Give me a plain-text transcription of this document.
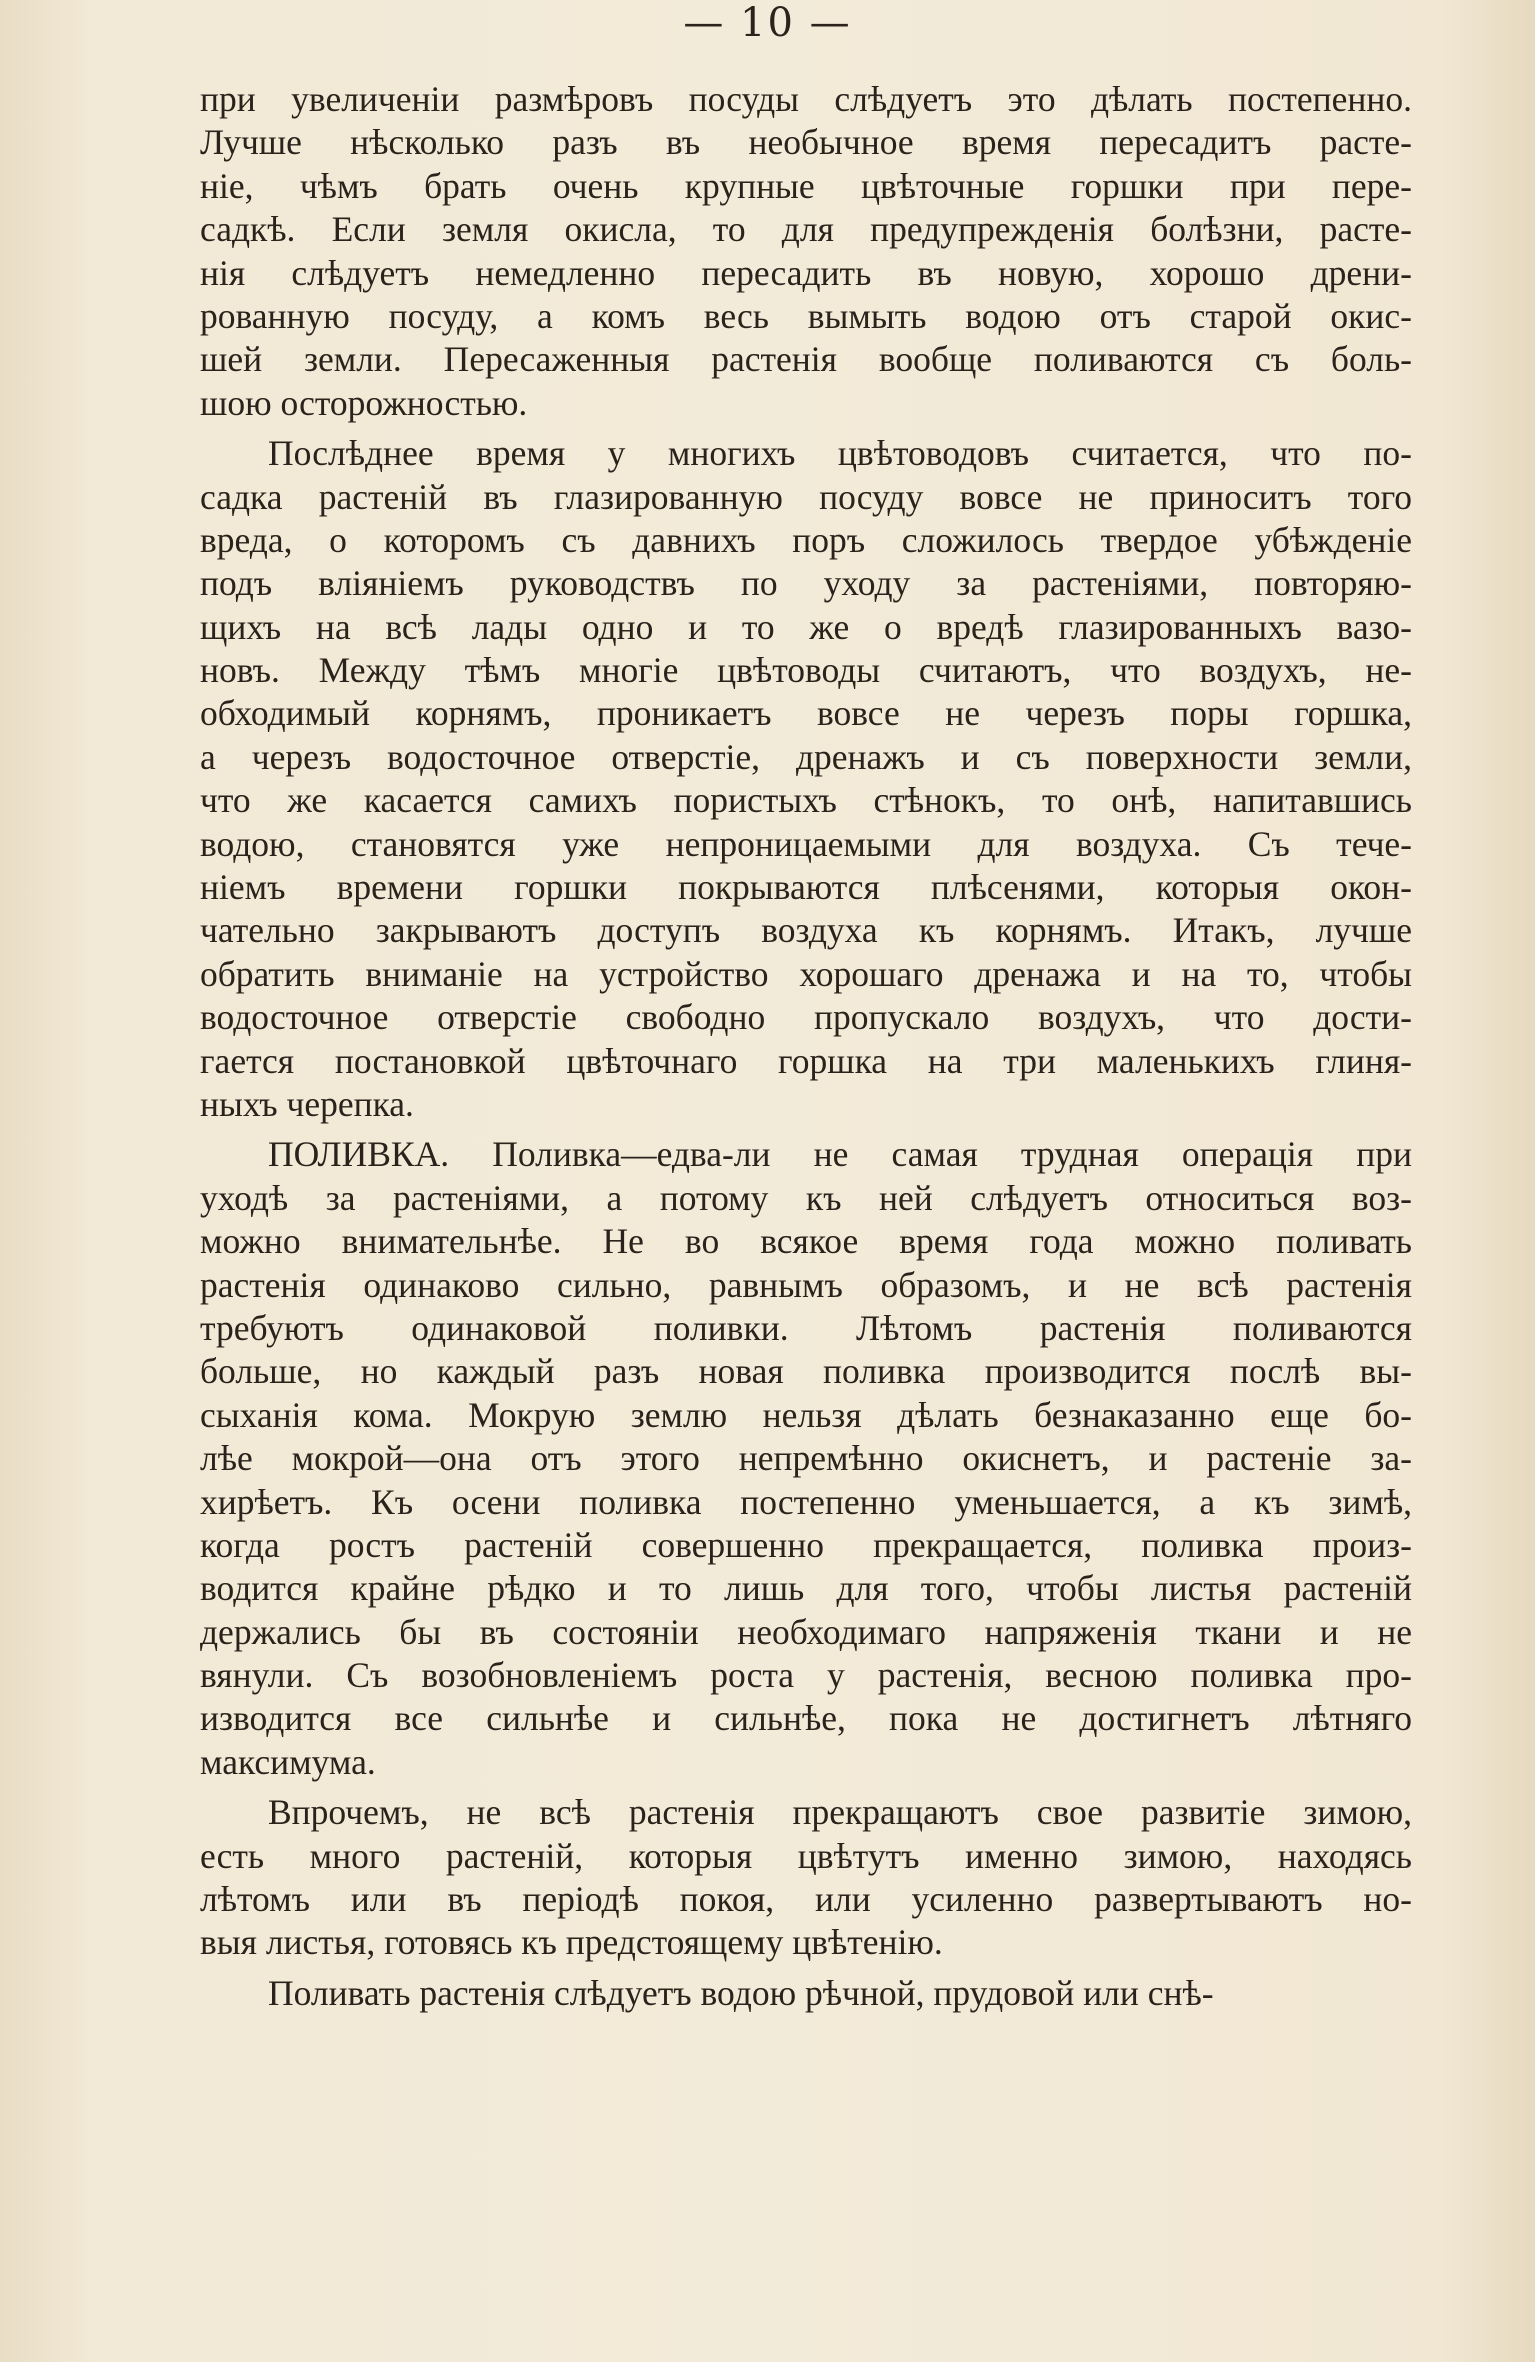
— 10 —
при увеличеніи размѣровъ посуды слѣдуетъ это дѣлать постепенно.
Лучше нѣсколько разъ въ необычное время пересадитъ расте-
ніе, чѣмъ брать очень крупные цвѣточные горшки при пере-
садкѣ. Если земля окисла, то для предупрежденія болѣзни, расте-
нія слѣдуетъ немедленно пересадить въ новую, хорошо дрени-
рованную посуду, а комъ весь вымыть водою отъ старой окис-
шей земли. Пересаженныя растенія вообще поливаются съ боль-
шою осторожностью.
Послѣднее время у многихъ цвѣтоводовъ считается, что по-
садка растеній въ глазированную посуду вовсе не приноситъ того
вреда, о которомъ съ давнихъ поръ сложилось твердое убѣжденіе
подъ вліяніемъ руководствъ по уходу за растеніями, повторяю-
щихъ на всѣ лады одно и то же о вредѣ глазированныхъ вазо-
новъ. Между тѣмъ многіе цвѣтоводы считаютъ, что воздухъ, не-
обходимый корнямъ, проникаетъ вовсе не черезъ поры горшка,
а черезъ водосточное отверстіе, дренажъ и съ поверхности земли,
что же касается самихъ пористыхъ стѣнокъ, то онѣ, напитавшись
водою, становятся уже непроницаемыми для воздуха. Съ тече-
ніемъ времени горшки покрываются плѣсенями, которыя окон-
чательно закрываютъ доступъ воздуха къ корнямъ. Итакъ, лучше
обратить вниманіе на устройство хорошаго дренажа и на то, чтобы
водосточное отверстіе свободно пропускало воздухъ, что дости-
гается постановкой цвѣточнаго горшка на три маленькихъ глиня-
ныхъ черепка.
ПОЛИВКА. Поливка—едва-ли не самая трудная операція при
уходѣ за растеніями, а потому къ ней слѣдуетъ относиться воз-
можно внимательнѣе. Не во всякое время года можно поливать
растенія одинаково сильно, равнымъ образомъ, и не всѣ растенія
требуютъ одинаковой поливки. Лѣтомъ растенія поливаются
больше, но каждый разъ новая поливка производится послѣ вы-
сыханія кома. Мокрую землю нельзя дѣлать безнаказанно еще бо-
лѣе мокрой—она отъ этого непремѣнно окиснетъ, и растеніе за-
хирѣетъ. Къ осени поливка постепенно уменьшается, а къ зимѣ,
когда ростъ растеній совершенно прекращается, поливка произ-
водится крайне рѣдко и то лишь для того, чтобы листья растеній
держались бы въ состояніи необходимаго напряженія ткани и не
вянули. Съ возобновленіемъ роста у растенія, весною поливка про-
изводится все сильнѣе и сильнѣе, пока не достигнетъ лѣтняго
максимума.
Впрочемъ, не всѣ растенія прекращаютъ свое развитіе зимою,
есть много растеній, которыя цвѣтутъ именно зимою, находясь
лѣтомъ или въ періодѣ покоя, или усиленно развертываютъ но-
выя листья, готовясь къ предстоящему цвѣтенію.
Поливать растенія слѣдуетъ водою рѣчной, прудовой или снѣ-
